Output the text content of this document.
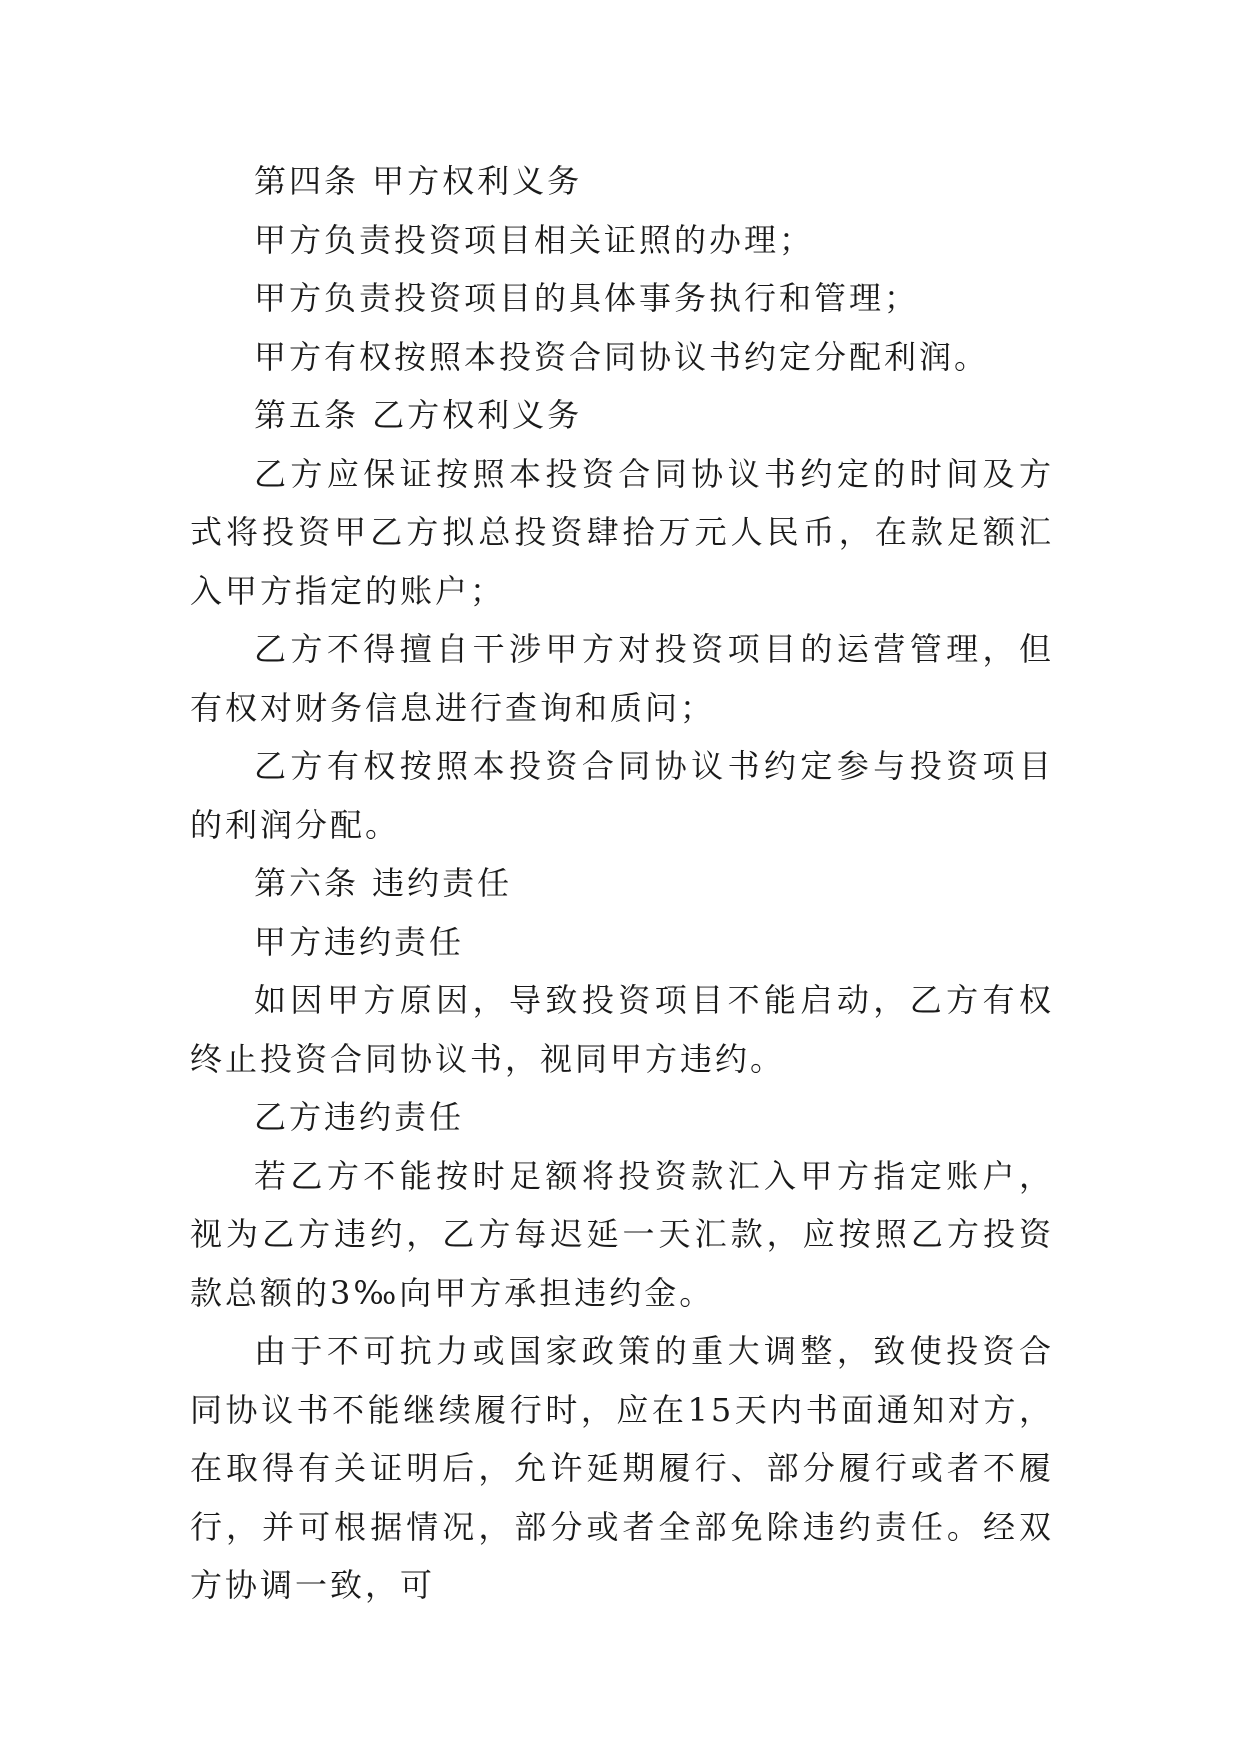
第四条 甲方权利义务

甲方负责投资项目相关证照的办理；

甲方负责投资项目的具体事务执行和管理；

甲方有权按照本投资合同协议书约定分配利润。

第五条 乙方权利义务

乙方应保证按照本投资合同协议书约定的时间及方式将投资甲乙方拟总投资肆拾万元人民币，在款足额汇入甲方指定的账户；

乙方不得擅自干涉甲方对投资项目的运营管理，但有权对财务信息进行查询和质问；

乙方有权按照本投资合同协议书约定参与投资项目的利润分配。

第六条 违约责任

甲方违约责任

如因甲方原因，导致投资项目不能启动，乙方有权终止投资合同协议书，视同甲方违约。

乙方违约责任

若乙方不能按时足额将投资款汇入甲方指定账户，视为乙方违约，乙方每迟延一天汇款，应按照乙方投资款总额的3‰向甲方承担违约金。

由于不可抗力或国家政策的重大调整，致使投资合同协议书不能继续履行时，应在15天内书面通知对方，在取得有关证明后，允许延期履行、部分履行或者不履行，并可根据情况，部分或者全部免除违约责任。经双方协调一致，可
